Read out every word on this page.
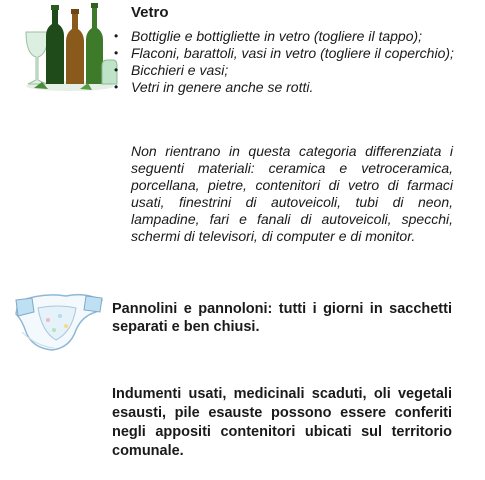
Vetro
• Bottiglie e bottigliette in vetro (togliere il tappo);
• Flaconi, barattoli, vasi in vetro (togliere il coperchio);
• Bicchieri e vasi;
• Vetri in genere anche se rotti.

Non rientrano in questa categoria differenziata i seguenti materiali: ceramica e vetroceramica, porcellana, pietre, contenitori di vetro di farmaci usati, finestrini di autoveicoli, tubi di neon, lampadine, fari e fanali di autoveicoli, specchi, schermi di televisori, di computer e di monitor.

Pannolini e pannoloni: tutti i giorni in sacchetti separati e ben chiusi.

Indumenti usati, medicinali scaduti, oli vegetali esausti, pile esauste possono essere conferiti negli appositi contenitori ubicati sul territorio comunale.
